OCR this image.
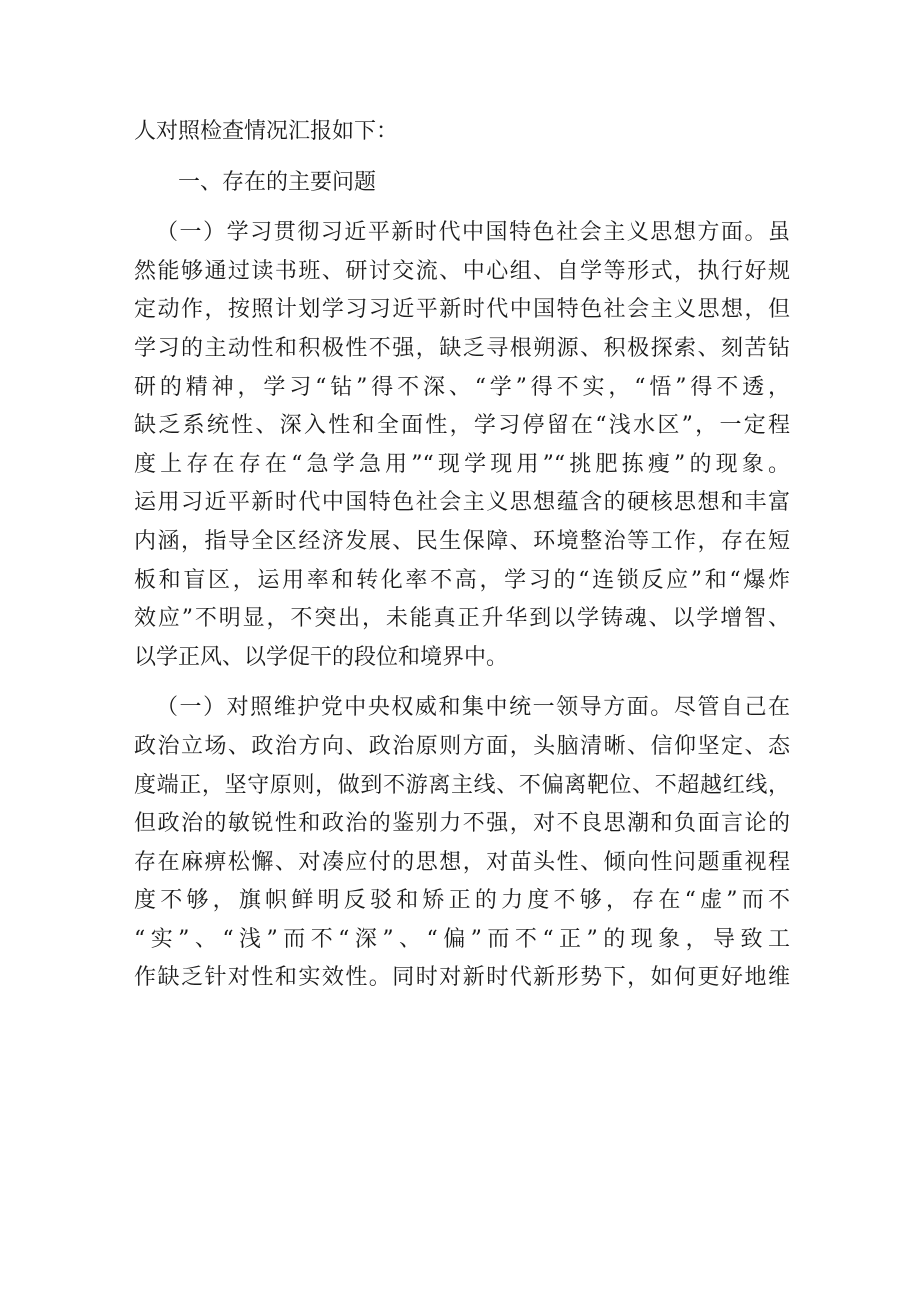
人对照检查情况汇报如下：
一、存在的主要问题
（一）学习贯彻习近平新时代中国特色社会主义思想方面。虽
然能够通过读书班、研讨交流、中心组、自学等形式，执行好规
定动作，按照计划学习习近平新时代中国特色社会主义思想，但
学习的主动性和积极性不强，缺乏寻根朔源、积极探索、刻苦钻
研的精神，学习“钻”得不深、“学”得不实，“悟”得不透，
缺乏系统性、深入性和全面性，学习停留在“浅水区”，一定程
度上存在存在“急学急用”“现学现用”“挑肥拣瘦”的现象。
运用习近平新时代中国特色社会主义思想蕴含的硬核思想和丰富
内涵，指导全区经济发展、民生保障、环境整治等工作，存在短
板和盲区，运用率和转化率不高，学习的“连锁反应”和“爆炸
效应”不明显，不突出，未能真正升华到以学铸魂、以学增智、
以学正风、以学促干的段位和境界中。
（一）对照维护党中央权威和集中统一领导方面。尽管自己在
政治立场、政治方向、政治原则方面，头脑清晰、信仰坚定、态
度端正，坚守原则，做到不游离主线、不偏离靶位、不超越红线，
但政治的敏锐性和政治的鉴别力不强，对不良思潮和负面言论的
存在麻痹松懈、对凑应付的思想，对苗头性、倾向性问题重视程
度不够，旗帜鲜明反驳和矫正的力度不够，存在“虚”而不
“实”、“浅”而不“深”、“偏”而不“正”的现象，导致工
作缺乏针对性和实效性。同时对新时代新形势下，如何更好地维
